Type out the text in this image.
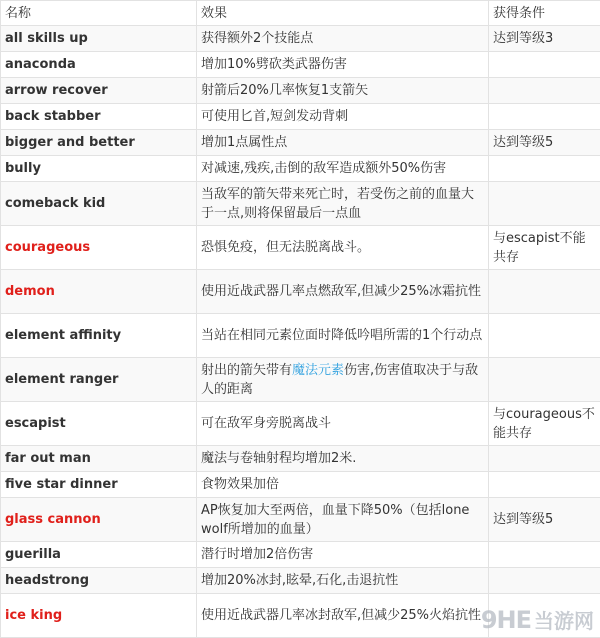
名称	效果	获得条件
all skills up	获得额外2个技能点	达到等级3
anaconda	增加10%劈砍类武器伤害	
arrow recover	射箭后20%几率恢复1支箭矢	
back stabber	可使用匕首,短剑发动背刺	
bigger and better	增加1点属性点	达到等级5
bully	对减速,残疾,击倒的敌军造成额外50%伤害	
comeback kid	当敌军的箭矢带来死亡时，若受伤之前的血量大于一点,则将保留最后一点血	
courageous	恐惧免疫，但无法脱离战斗。	与escapist不能共存
demon	使用近战武器几率点燃敌军,但减少25%冰霜抗性	
element affinity	当站在相同元素位面时降低吟唱所需的1个行动点	
element ranger	射出的箭矢带有魔法元素伤害,伤害值取决于与敌人的距离	
escapist	可在敌军身旁脱离战斗	与courageous不能共存
far out man	魔法与卷轴射程均增加2米.	
five star dinner	食物效果加倍	
glass cannon	AP恢复加大至两倍，血量下降50%（包括lone wolf所增加的血量）	达到等级5
guerilla	潜行时增加2倍伤害	
headstrong	增加20%冰封,眩晕,石化,击退抗性	
ice king	使用近战武器几率冰封敌军,但减少25%火焰抗性	9HE 当游网
